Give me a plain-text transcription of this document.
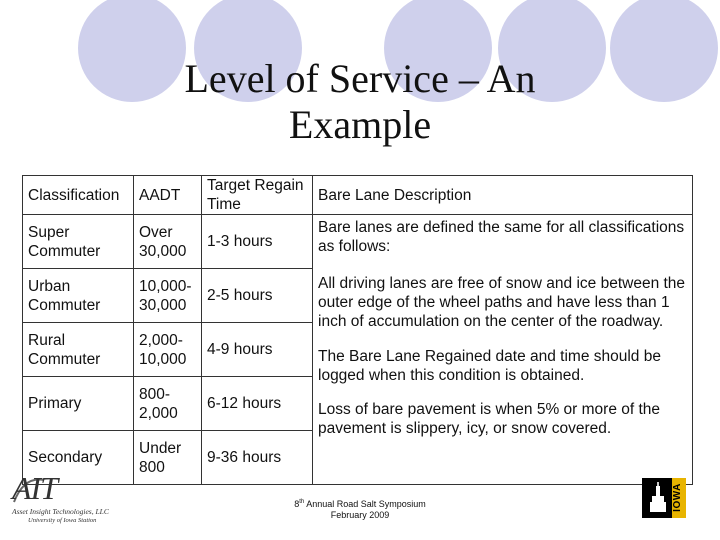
Level of Service – An
Example
Classification	AADT	Target Regain Time	Bare Lane Description
Super Commuter	Over 30,000	1-3 hours	Bare lanes are defined the same for all classifications as follows:
All driving lanes are free of snow and ice between the outer edge of the wheel paths and have less than 1 inch of accumulation on the center of the roadway.
The Bare Lane Regained date and time should be logged when this condition is obtained.
Loss of bare pavement is when 5% or more of the pavement is slippery, icy, or snow covered.

Urban Commuter	10,000-30,000	2-5 hours	
Rural Commuter	2,000-10,000	4-9 hours	
Primary	800-2,000	6-12 hours	
Secondary	Under 800	9-36 hours	
AIT
Asset Insight Technologies, LLC
University of Iowa Station
8th Annual Road Salt Symposium
February 2009
IOWA
